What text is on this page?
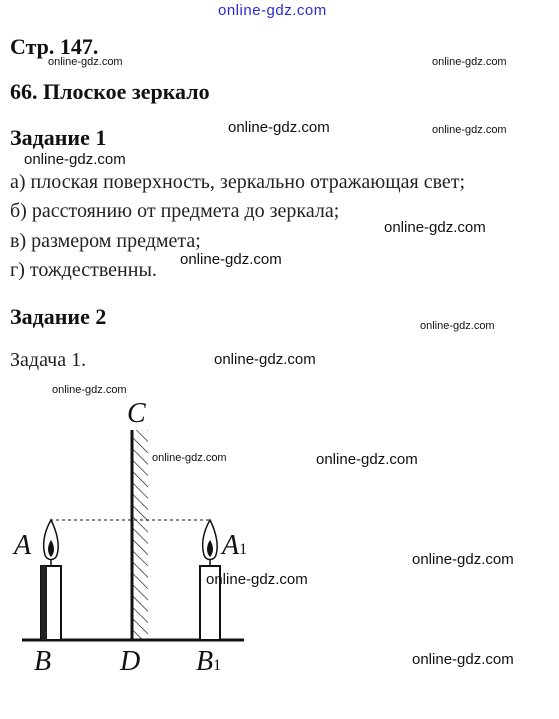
online-gdz.com
Стр. 147.
online-gdz.com	online-gdz.com
66. Плоское зеркало
Задание 1	online-gdz.com	online-gdz.com
online-gdz.com
а) плоская поверхность, зеркально отражающая свет;
б) расстоянию от предмета до зеркала;
online-gdz.com
в) размером предмета;
online-gdz.com
г) тождественны.
Задание 2	online-gdz.com
Задача 1.	online-gdz.com
online-gdz.com
C
A	A1
B D B1
online-gdz.com	online-gdz.com
online-gdz.com
online-gdz.com
online-gdz.com
